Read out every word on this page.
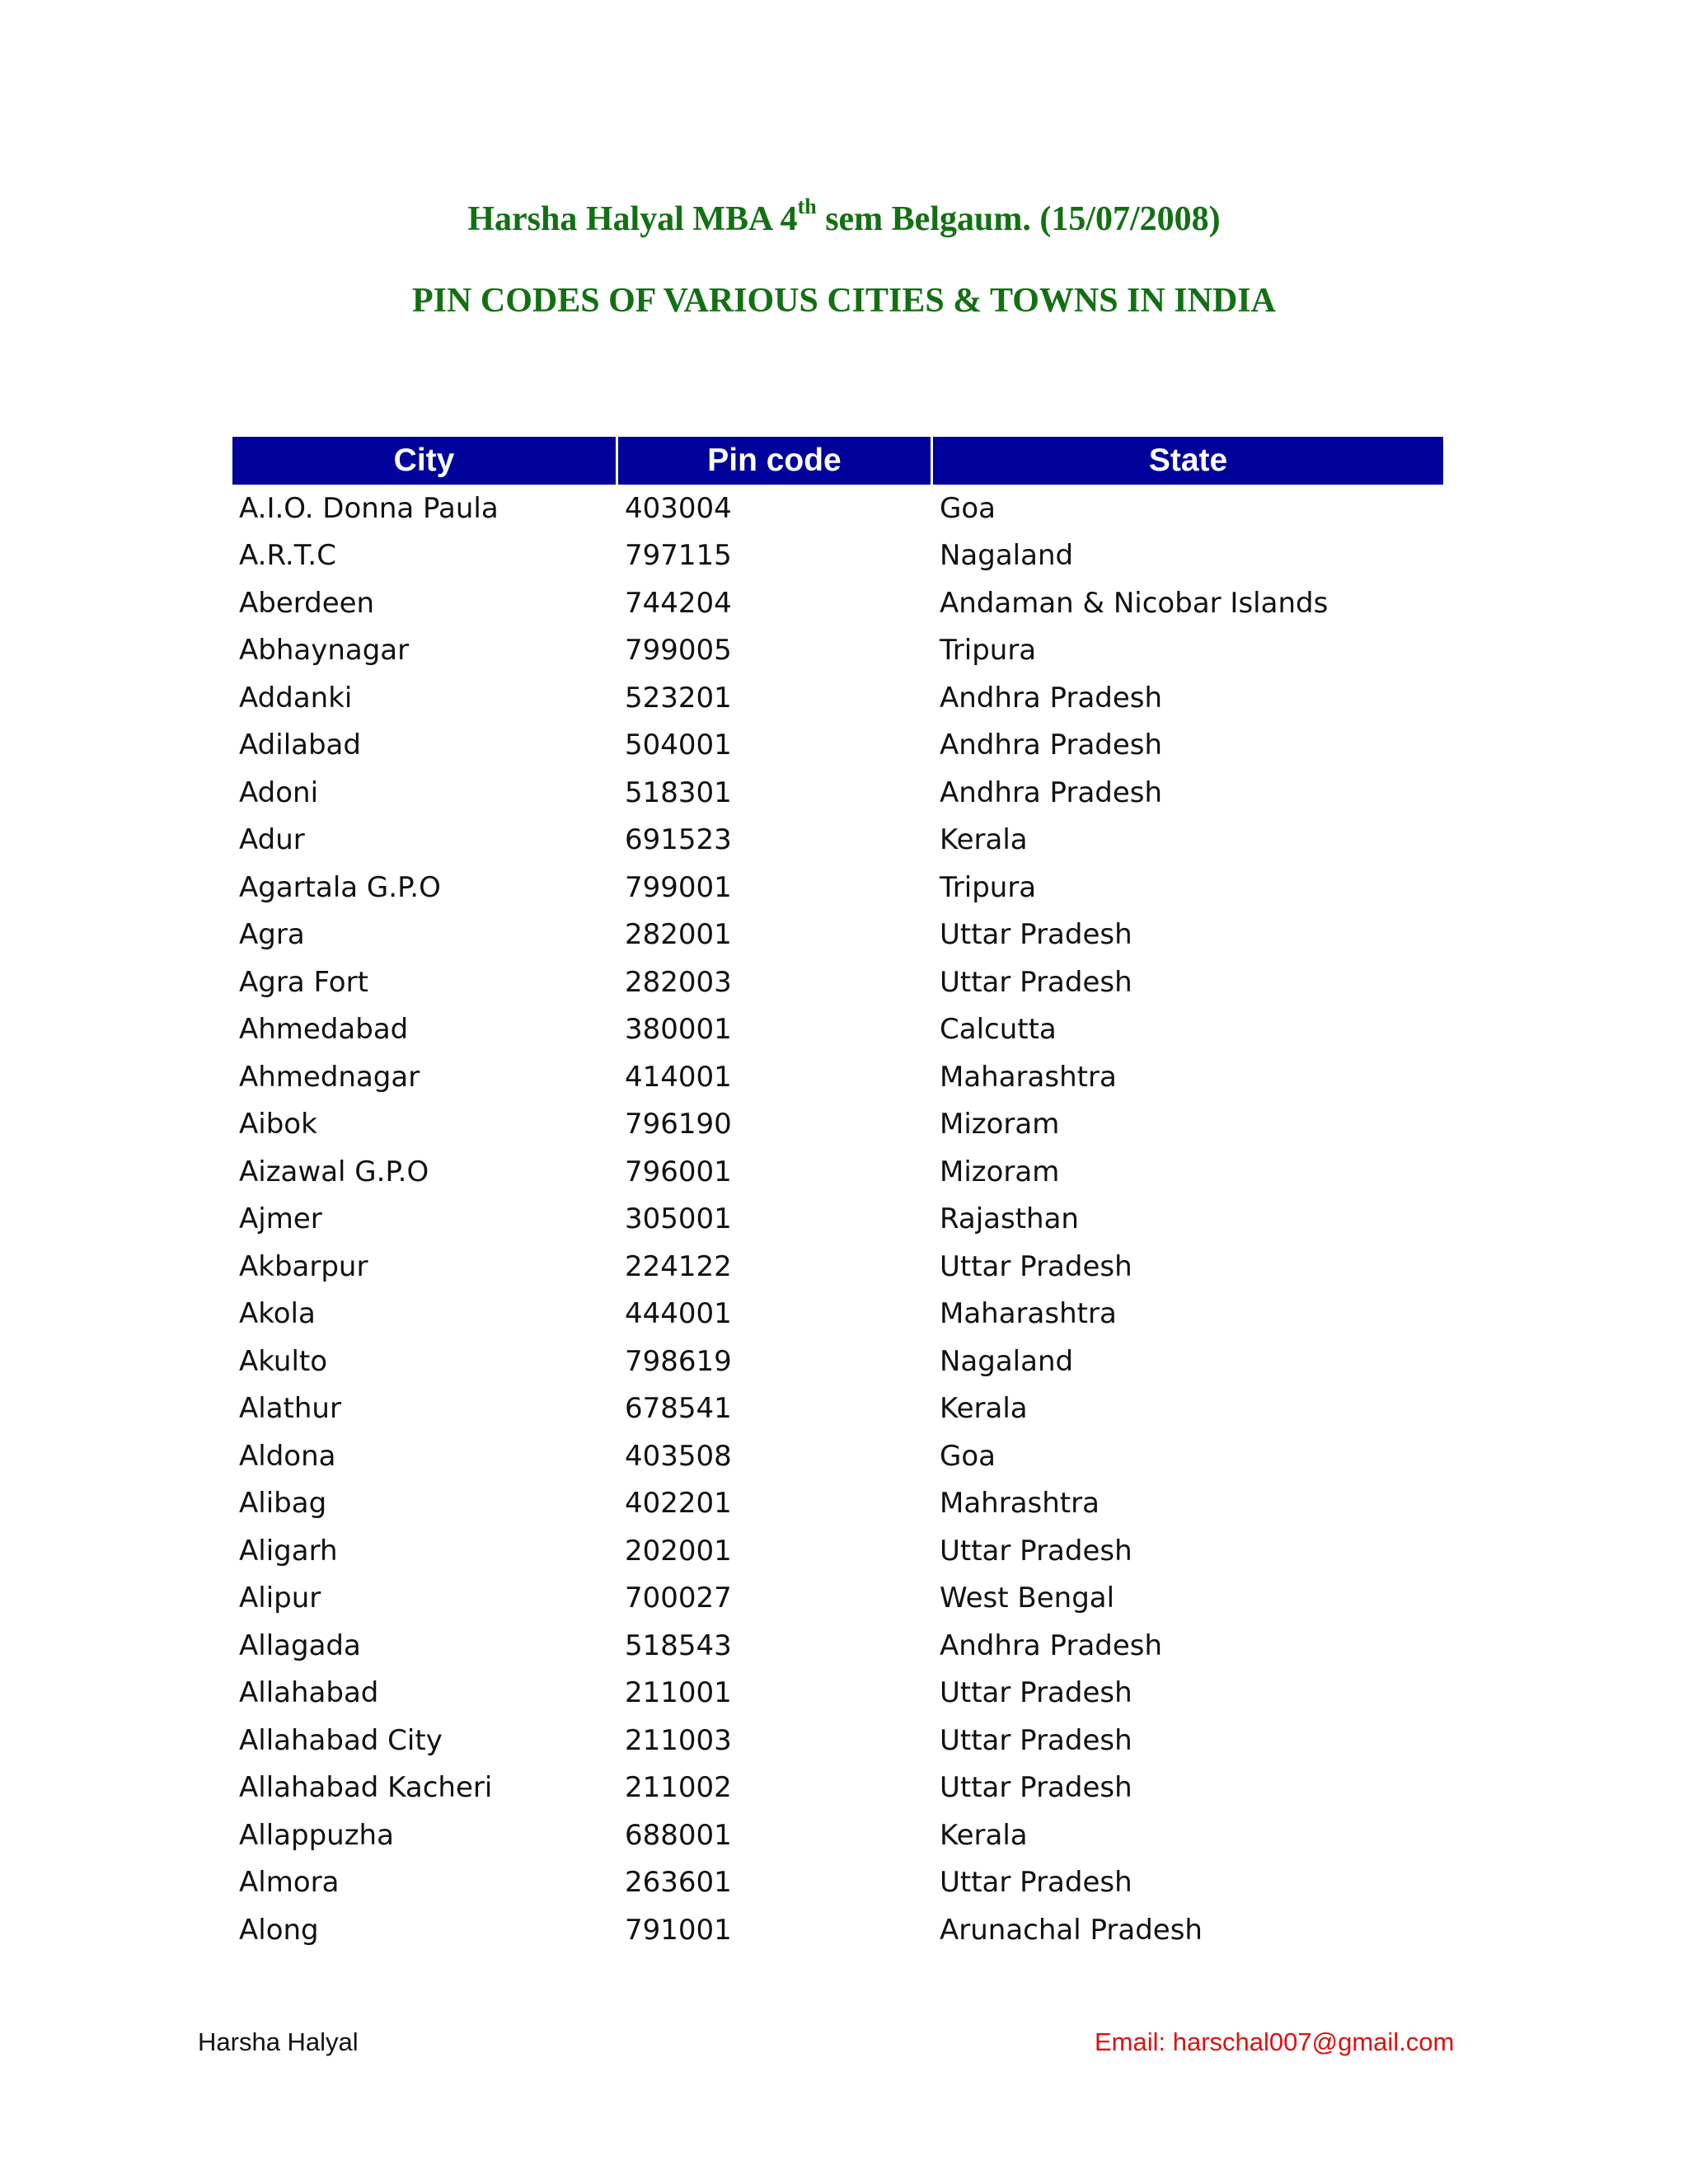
Harsha Halyal MBA 4th sem Belgaum. (15/07/2008)
PIN CODES OF VARIOUS CITIES & TOWNS IN INDIA
City	Pin code	State
A.I.O. Donna Paula	403004	Goa
A.R.T.C	797115	Nagaland
Aberdeen	744204	Andaman & Nicobar Islands
Abhaynagar	799005	Tripura
Addanki	523201	Andhra Pradesh
Adilabad	504001	Andhra Pradesh
Adoni	518301	Andhra Pradesh
Adur	691523	Kerala
Agartala G.P.O	799001	Tripura
Agra	282001	Uttar Pradesh
Agra Fort	282003	Uttar Pradesh
Ahmedabad	380001	Calcutta
Ahmednagar	414001	Maharashtra
Aibok	796190	Mizoram
Aizawal G.P.O	796001	Mizoram
Ajmer	305001	Rajasthan
Akbarpur	224122	Uttar Pradesh
Akola	444001	Maharashtra
Akulto	798619	Nagaland
Alathur	678541	Kerala
Aldona	403508	Goa
Alibag	402201	Mahrashtra
Aligarh	202001	Uttar Pradesh
Alipur	700027	West Bengal
Allagada	518543	Andhra Pradesh
Allahabad	211001	Uttar Pradesh
Allahabad City	211003	Uttar Pradesh
Allahabad Kacheri	211002	Uttar Pradesh
Allappuzha	688001	Kerala
Almora	263601	Uttar Pradesh
Along	791001	Arunachal Pradesh
Harsha Halyal	Email: harschal007@gmail.com
